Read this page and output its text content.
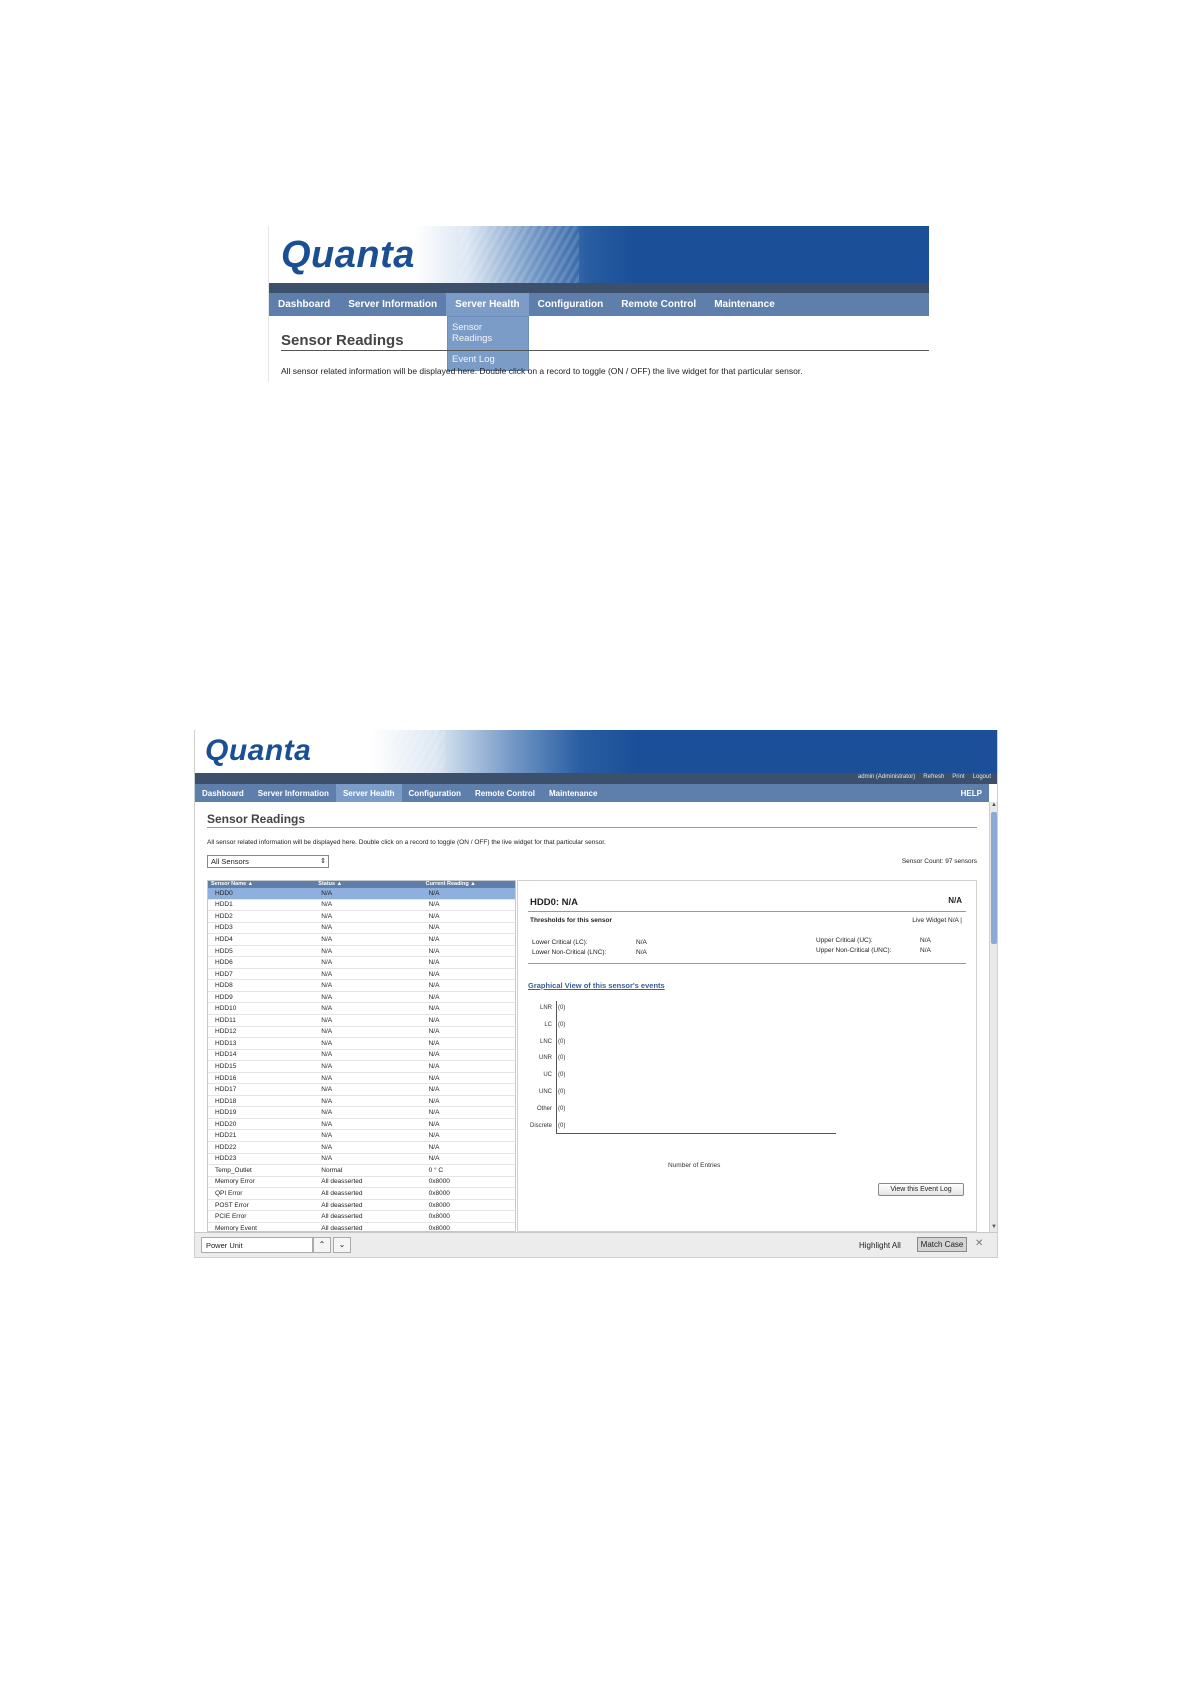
Quanta
Dashboard	Server Information	Server Health	Configuration	Remote Control	Maintenance
Sensor Readings
Event Log
Sensor Readings
All sensor related information will be displayed here. Double click on a record to toggle (ON / OFF) the live widget for that particular sensor.
Quanta
admin (Administrator) Refresh Print Logout
Dashboard	Server Information	Server Health	Configuration	Remote Control	Maintenance	HELP
Sensor Readings
All sensor related information will be displayed here. Double click on a record to toggle (ON / OFF) the live widget for that particular sensor.
All Sensors	⇕	Sensor Count: 97 sensors
Sensor Name ▲	Status ▲	Current Reading ▲
HDD0	N/A	N/A
HDD1	N/A	N/A
HDD2	N/A	N/A
HDD3	N/A	N/A
HDD4	N/A	N/A
HDD5	N/A	N/A
HDD6	N/A	N/A
HDD7	N/A	N/A
HDD8	N/A	N/A
HDD9	N/A	N/A
HDD10	N/A	N/A
HDD11	N/A	N/A
HDD12	N/A	N/A
HDD13	N/A	N/A
HDD14	N/A	N/A
HDD15	N/A	N/A
HDD16	N/A	N/A
HDD17	N/A	N/A
HDD18	N/A	N/A
HDD19	N/A	N/A
HDD20	N/A	N/A
HDD21	N/A	N/A
HDD22	N/A	N/A
HDD23	N/A	N/A
Temp_Outlet	Normal	0 ° C
Memory Error	All deasserted	0x8000
QPI Error	All deasserted	0x8000
POST Error	All deasserted	0x8000
PCIE Error	All deasserted	0x8000
Memory Event	All deasserted	0x8000
HDD0: N/A	N/A
Thresholds for this sensor	Live Widget N/A |
Lower Critical (LC):	N/A
Lower Non-Critical (LNC):	N/A
Upper Critical (UC):	N/A
Upper Non-Critical (UNC):	N/A
Graphical View of this sensor's events
LNR (0)
LC (0)
LNC (0)
UNR (0)
UC (0)
UNC (0)
Other (0)
Discrete (0)
Number of Entries
View this Event Log
▲
▼
Power Unit	⌃	⌄	Highlight All	Match Case	✕
